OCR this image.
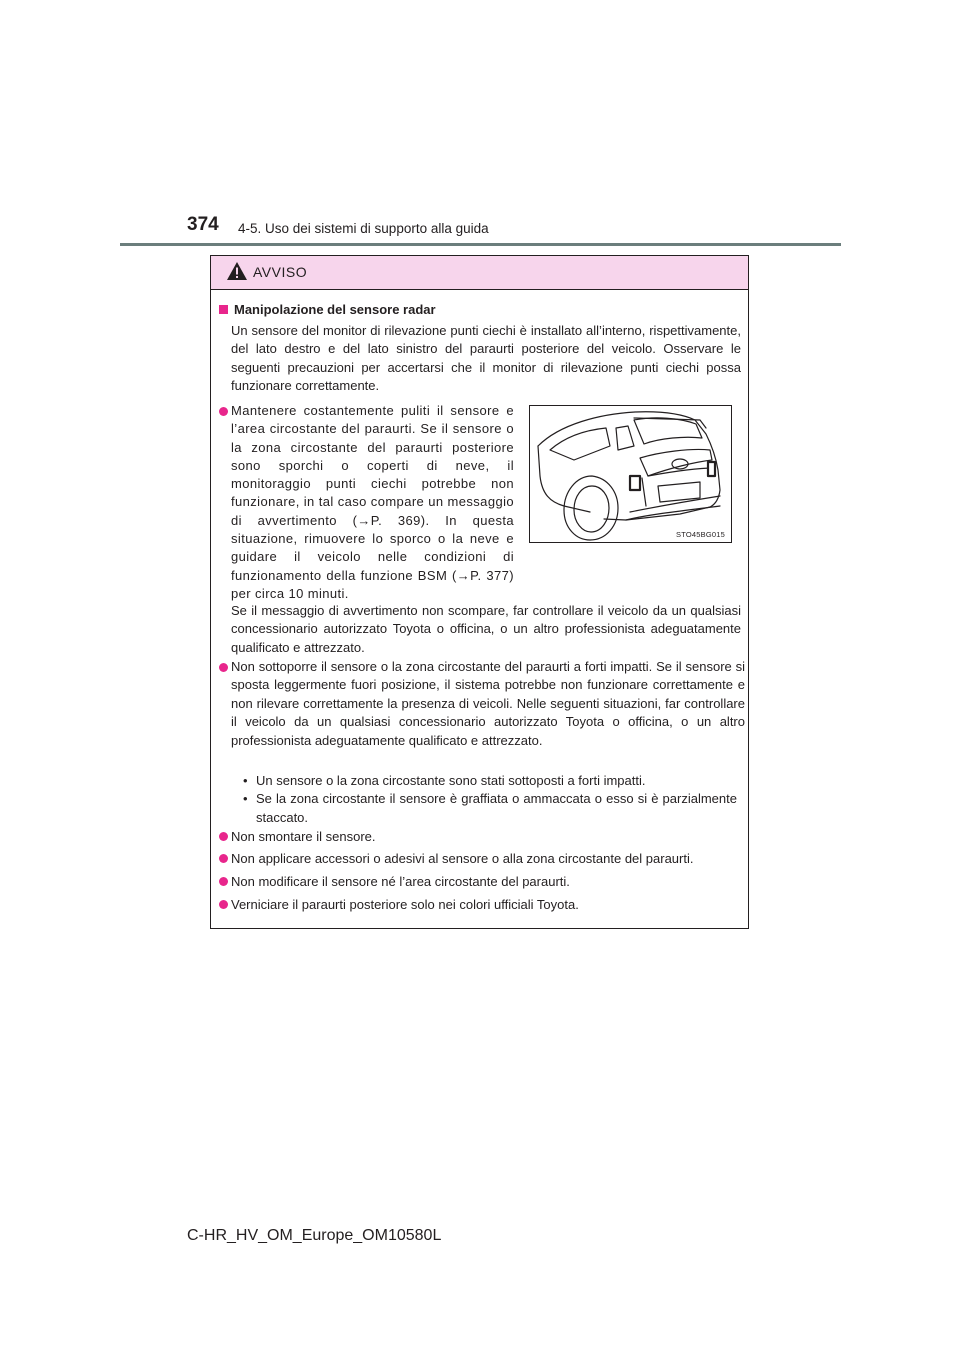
374 4-5. Uso dei sistemi di supporto alla guida
AVVISO
Manipolazione del sensore radar
Un sensore del monitor di rilevazione punti ciechi è installato all’interno, rispettivamente, del lato destro e del lato sinistro del paraurti posteriore del veicolo. Osservare le seguenti precauzioni per accertarsi che il monitor di rilevazione punti ciechi possa funzionare correttamente.
Mantenere costantemente puliti il sensore e l’area circostante del paraurti. Se il sensore o la zona circostante del paraurti posteriore sono sporchi o coperti di neve, il monitoraggio punti ciechi potrebbe non funzionare, in tal caso compare un messaggio di avvertimento (→P. 369). In questa situazione, rimuovere lo sporco o la neve e guidare il veicolo nelle condizioni di funzionamento della funzione BSM (→P. 377) per circa 10 minuti.
STO45BG015
Se il messaggio di avvertimento non scompare, far controllare il veicolo da un qualsiasi concessionario autorizzato Toyota o officina, o un altro professionista adeguatamente qualificato e attrezzato.
Non sottoporre il sensore o la zona circostante del paraurti a forti impatti. Se il sensore si sposta leggermente fuori posizione, il sistema potrebbe non funzionare correttamente e non rilevare correttamente la presenza di veicoli. Nelle seguenti situazioni, far controllare il veicolo da un qualsiasi concessionario autorizzato Toyota o officina, o un altro professionista adeguatamente qualificato e attrezzato.
• Un sensore o la zona circostante sono stati sottoposti a forti impatti.
• Se la zona circostante il sensore è graffiata o ammaccata o esso si è parzialmente staccato.
Non smontare il sensore.
Non applicare accessori o adesivi al sensore o alla zona circostante del paraurti.
Non modificare il sensore né l’area circostante del paraurti.
Verniciare il paraurti posteriore solo nei colori ufficiali Toyota.
C-HR_HV_OM_Europe_OM10580L
